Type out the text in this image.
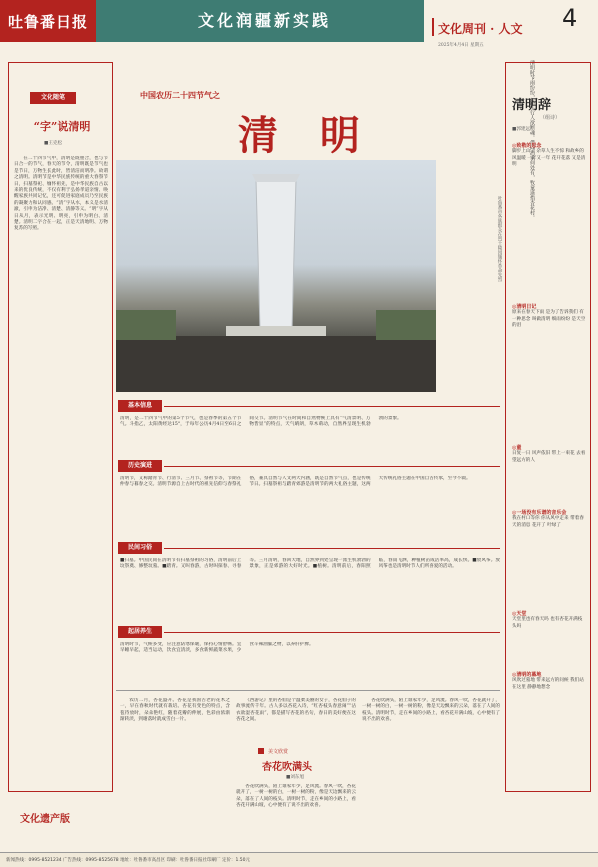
吐鲁番日报	文化润疆新实践	文化周刊 · 人文 4
2025年4月4日 星期五
文化随笔
“字”说清明
■王克松

在二十四节气中，清明是既重合，也与节日合一的节气，春天的节令，清明既是节气也是节日，万物生长此时，皆清洁而明净。故谓之清明。清明节是中华民族传统的重大春祭节日，扫墓祭祀、缅怀祖先，是中华民族自古以来的优良传统，不仅有利于弘扬孝道亲情、唤醒家族共同记忆，还可促进家庭成员乃至民族的凝聚力和认同感。“清”字从水，本义是水清澈，引申为洁净、清楚、清静等义。“明”字从日从月，表示光明、明亮，引申为明白、清楚。清明二字合在一起，正是天清地明、万物复苏的写照。

文化遗产版
中国农历二十四节气之
清 明	清明时节雨纷纷，路上行人欲断魂。借问酒家何处有，牧童遥指杏花村。
吐鲁番市各族群众在烈士陵园缅怀革命先烈
清明辞
（组诗）
■郭建远
◎致敬的思念
脚步上山了 杂草人生不惊 和故乡的风温暖 一年又一年 花开花落 又是清明
◎清明日记
原来在春天下雨 是为了告诉我们 有一种思念 叫做清明 细雨纷纷 是天空的泪
◎童
日复一日 风声依旧 带上一束花 去看望远方的人
◎一场没有乐谱的音乐会
我在村口等你 你从风中走来 带着春天的消息 花开了 叶绿了
◎天堂
天堂里也有春天吗 也有杏花开满枝头吗
◎清明的墓地
风吹过墓地 带来远方的问候 我们站在这里 静静地想念
基本信息
清明，是二十四节气中的第5个节气，也是春季的第五个节气。斗指乙，太阳黄经达15°，于每年公历4月4日至6日之间交节。清明节气在时间和自然物候上具有“气清景明、万物皆显”的特点，天气晴朗，草木萌动，自然界呈现生机勃勃的景象。
历史演进
清明节，又称踏青节、行清节、三月节、祭祖节等，节期在仲春与暮春之交。清明节源自上古时代的祖先信仰与春祭礼俗，兼具自然与人文两大内涵，既是自然节气点，也是传统节日。扫墓祭祖与踏青郊游是清明节的两大礼俗主题，这两大传统礼俗主题在中国自古传承，至今不辍。
民间习俗
■扫墓。中国民间在清明节有扫墓祭祖的习俗，清明前后上坟祭奠、修整坟墓。■踏青。又叫春游，古时叫探春、寻春等。三月清明，春回大地，自然界到处呈现一派生机勃勃的景象，正是郊游的大好时光。■植树。清明前后，春阳照临，春雨飞洒，种植树苗成活率高，成长快。■放风筝。放风筝也是清明时节人们所喜爱的活动。
起居养生
清明时节，气候多变，应注意防寒保暖，保持心情舒畅。宜早睡早起，适当运动，饮食宜清淡，多食新鲜蔬菜水果，少食辛辣油腻之物，以养肝护脾。

农历二月，杏花盛开。杏花是我国古老的花木之一，早在春秋时代就有栽培。杏花有变色的特点，含苞待放时，朵朵艳红，随着花瓣的伸展，色彩由浓渐渐转淡，到谢落时就成雪白一片。

《西游记》里的杏仙是个温柔美丽的女子，杏花仙子的故事流传千年。古人多以杏花入诗，“红杏枝头春意闹”“沾衣欲湿杏花雨”，都是描写杏花的名句，春日的美好便在这杏花之间。

美文欣赏
杏花吹满头
■刘东旭

杏花吹满头，陌上谁家年少，足风流。春风一吹，杏花就开了，一树一树的白，一树一树的粉，像是天边飘来的云朵，落在了人间的枝头。清明时节，走在乡间的小路上，看杏花开满山坡，心中便有了说不出的欢喜。

杏花吹满头，陌上谁家年少，足风流。春风一吹，杏花就开了，一树一树的白，一树一树的粉，像是天边飘来的云朵，落在了人间的枝头。清明时节，走在乡间的小路上，看杏花开满山坡，心中便有了说不出的欢喜。

新闻热线：0995-8521234 广告热线：0995-8525678 地址：吐鲁番市高昌区 印刷：吐鲁番日报社印刷厂 定价：1.50元
